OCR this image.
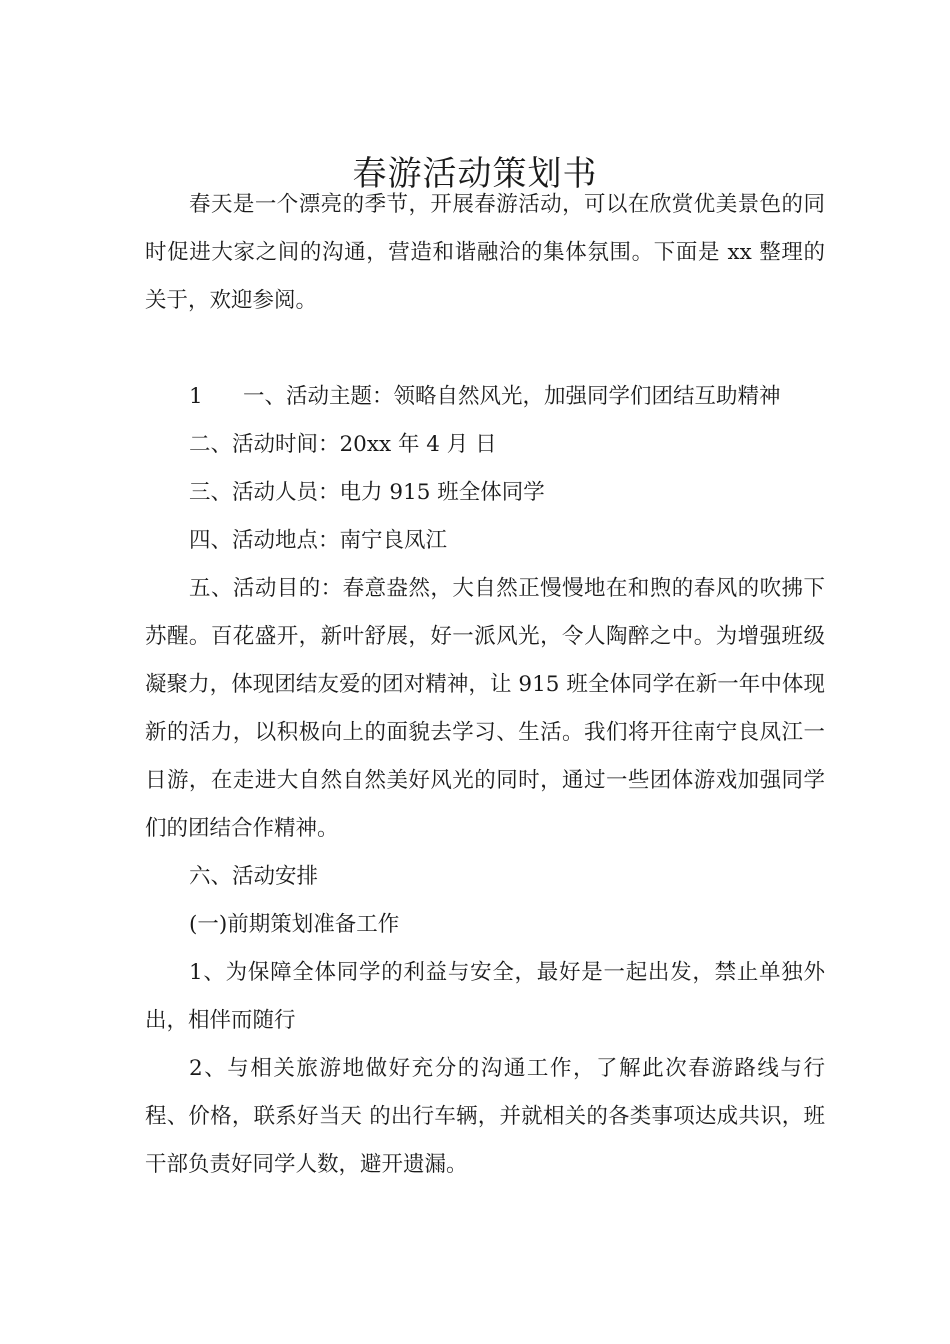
春游活动策划书

春天是一个漂亮的季节，开展春游活动，可以在欣赏优美景色的同时促进大家之间的沟通，营造和谐融洽的集体氛围。下面是 xx 整理的关于，欢迎参阅。

1 一、活动主题：领略自然风光，加强同学们团结互助精神

二、活动时间：20xx 年 4 月 日

三、活动人员：电力 915 班全体同学

四、活动地点：南宁良凤江

五、活动目的：春意盎然，大自然正慢慢地在和煦的春风的吹拂下苏醒。百花盛开，新叶舒展，好一派风光，令人陶醉之中。为增强班级凝聚力，体现团结友爱的团对精神，让 915 班全体同学在新一年中体现新的活力，以积极向上的面貌去学习、生活。我们将开往南宁良凤江一日游，在走进大自然自然美好风光的同时，通过一些团体游戏加强同学们的团结合作精神。

六、活动安排

(一)前期策划准备工作

1、为保障全体同学的利益与安全，最好是一起出发，禁止单独外出，相伴而随行

2、与相关旅游地做好充分的沟通工作，了解此次春游路线与行程、价格，联系好当天 的出行车辆，并就相关的各类事项达成共识，班干部负责好同学人数，避开遗漏。
